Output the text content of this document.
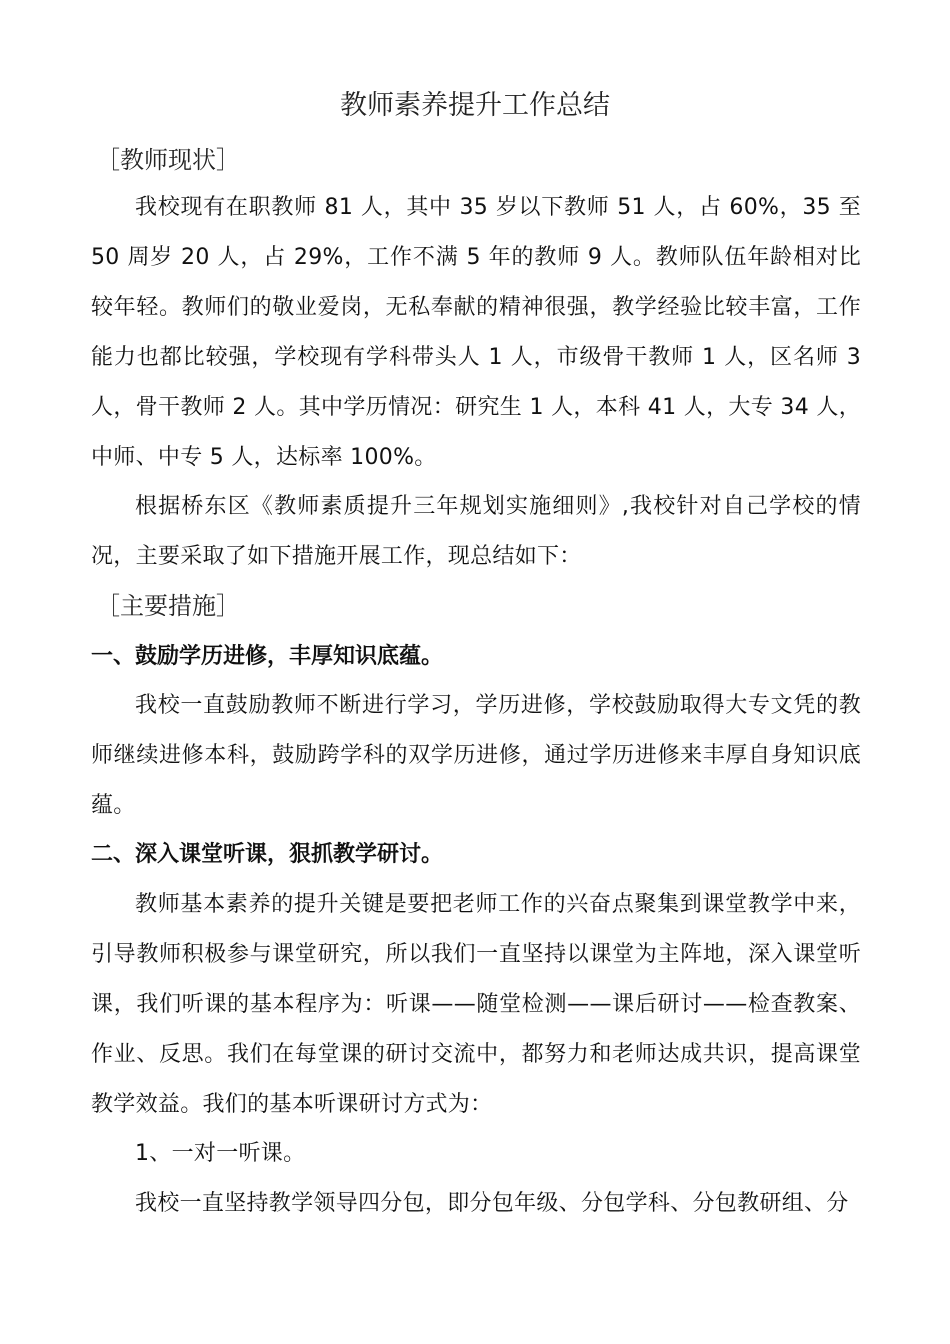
教师素养提升工作总结
［教师现状］
我校现有在职教师 81 人，其中 35 岁以下教师 51 人，占 60%，35 至 50 周岁 20 人，占 29%，工作不满 5 年的教师 9 人。教师队伍年龄相对比较年轻。教师们的敬业爱岗，无私奉献的精神很强，教学经验比较丰富，工作能力也都比较强，学校现有学科带头人 1 人，市级骨干教师 1 人，区名师 3 人，骨干教师 2 人。其中学历情况：研究生 1 人，本科 41 人，大专 34 人，中师、中专 5 人，达标率 100%。
根据桥东区《教师素质提升三年规划实施细则》,我校针对自己学校的情况，主要采取了如下措施开展工作，现总结如下：
［主要措施］
一、鼓励学历进修，丰厚知识底蕴。
我校一直鼓励教师不断进行学习，学历进修，学校鼓励取得大专文凭的教师继续进修本科，鼓励跨学科的双学历进修，通过学历进修来丰厚自身知识底蕴。
二、深入课堂听课，狠抓教学研讨。
教师基本素养的提升关键是要把老师工作的兴奋点聚集到课堂教学中来，引导教师积极参与课堂研究，所以我们一直坚持以课堂为主阵地，深入课堂听课，我们听课的基本程序为：听课——随堂检测——课后研讨——检查教案、作业、反思。我们在每堂课的研讨交流中，都努力和老师达成共识，提高课堂教学效益。我们的基本听课研讨方式为：
1、一对一听课。
我校一直坚持教学领导四分包，即分包年级、分包学科、分包教研组、分
